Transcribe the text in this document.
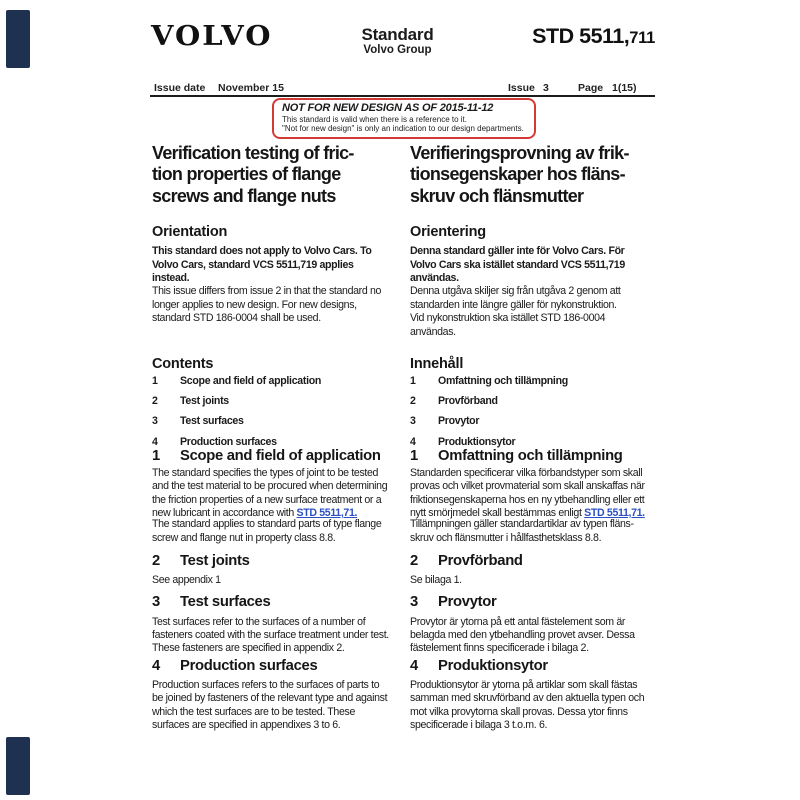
VOLVO	Standard
Volvo Group
STD 5511, 711
Issue date November 15	Issue 3	Page 1(15)
NOT FOR NEW DESIGN AS OF 2015-11-12
This standard is valid when there is a reference to it.
"Not for new design" is only an indication to our design departments.
Verification testing of fric-
tion properties of flange
screws and flange nuts
Orientation
This standard does not apply to Volvo Cars. To
Volvo Cars, standard VCS 5511,719 applies
instead.
This issue differs from issue 2 in that the standard no
longer applies to new design. For new designs,
standard STD 186-0004 shall be used.
Contents
1	Scope and field of application
2	Test joints
3	Test surfaces
4	Production surfaces
1	Scope and field of application
The standard specifies the types of joint to be tested
and the test material to be procured when determining
the friction properties of a new surface treatment or a
new lubricant in accordance with STD 5511,71.
The standard applies to standard parts of type flange
screw and flange nut in property class 8.8.
2	Test joints
See appendix 1
3	Test surfaces
Test surfaces refer to the surfaces of a number of
fasteners coated with the surface treatment under test.
These fasteners are specified in appendix 2.
4	Production surfaces
Production surfaces refers to the surfaces of parts to
be joined by fasteners of the relevant type and against
which the test surfaces are to be tested. These
surfaces are specified in appendixes 3 to 6.
Verifieringsprovning av frik-
tionsegenskaper hos fläns-
skruv och flänsmutter
Orientering
Denna standard gäller inte för Volvo Cars. För
Volvo Cars ska istället standard VCS 5511,719
användas.
Denna utgåva skiljer sig från utgåva 2 genom att
standarden inte längre gäller för nykonstruktion.
Vid nykonstruktion ska istället STD 186-0004
användas.
Innehåll
1	Omfattning och tillämpning
2	Provförband
3	Provytor
4	Produktionsytor
1	Omfattning och tillämpning
Standarden specificerar vilka förbandstyper som skall
provas och vilket provmaterial som skall anskaffas när
friktionsegenskaperna hos en ny ytbehandling eller ett
nytt smörjmedel skall bestämmas enligt STD 5511,71.
Tillämpningen gäller standardartiklar av typen fläns-
skruv och flänsmutter i hållfasthetsklass 8.8.
2	Provförband
Se bilaga 1.
3	Provytor
Provytor är ytorna på ett antal fästelement som är
belagda med den ytbehandling provet avser. Dessa
fästelement finns specificerade i bilaga 2.
4	Produktionsytor
Produktionsytor är ytorna på artiklar som skall fästas
samman med skruvförband av den aktuella typen och
mot vilka provytorna skall provas. Dessa ytor finns
specificerade i bilaga 3 t.o.m. 6.
